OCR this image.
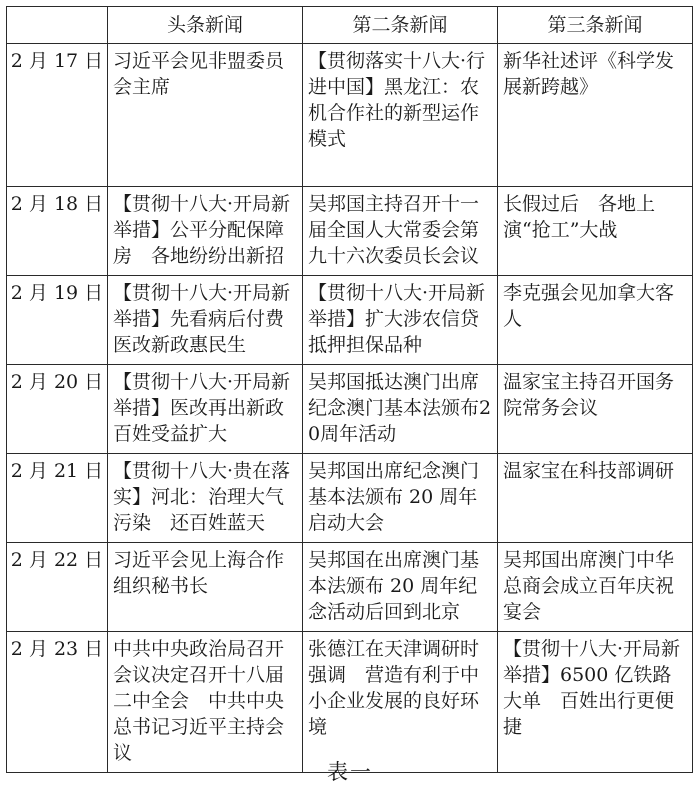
	头条新闻	第二条新闻	第三条新闻
2 月 17 日	习近平会见非盟委员会主席	【贯彻落实十八大·行进中国】黑龙江：农机合作社的新型运作模式	新华社述评《科学发展新跨越》
2 月 18 日	【贯彻十八大·开局新举措】公平分配保障房　各地纷纷出新招	吴邦国主持召开十一届全国人大常委会第九十六次委员长会议	长假过后　各地上演“抢工”大战
2 月 19 日	【贯彻十八大·开局新举措】先看病后付费　医改新政惠民生	【贯彻十八大·开局新举措】扩大涉农信贷抵押担保品种	李克强会见加拿大客人
2 月 20 日	【贯彻十八大·开局新举措】医改再出新政　百姓受益扩大	吴邦国抵达澳门出席纪念澳门基本法颁布20周年活动	温家宝主持召开国务院常务会议
2 月 21 日	【贯彻十八大·贵在落实】河北：治理大气污染　还百姓蓝天	吴邦国出席纪念澳门基本法颁布 20 周年启动大会	温家宝在科技部调研
2 月 22 日	习近平会见上海合作组织秘书长	吴邦国在出席澳门基本法颁布 20 周年纪念活动后回到北京	吴邦国出席澳门中华总商会成立百年庆祝宴会
2 月 23 日	中共中央政治局召开会议决定召开十八届二中全会　中共中央总书记习近平主持会议	张德江在天津调研时强调　营造有利于中小企业发展的良好环境	【贯彻十八大·开局新举措】6500 亿铁路大单　百姓出行更便捷
表一
